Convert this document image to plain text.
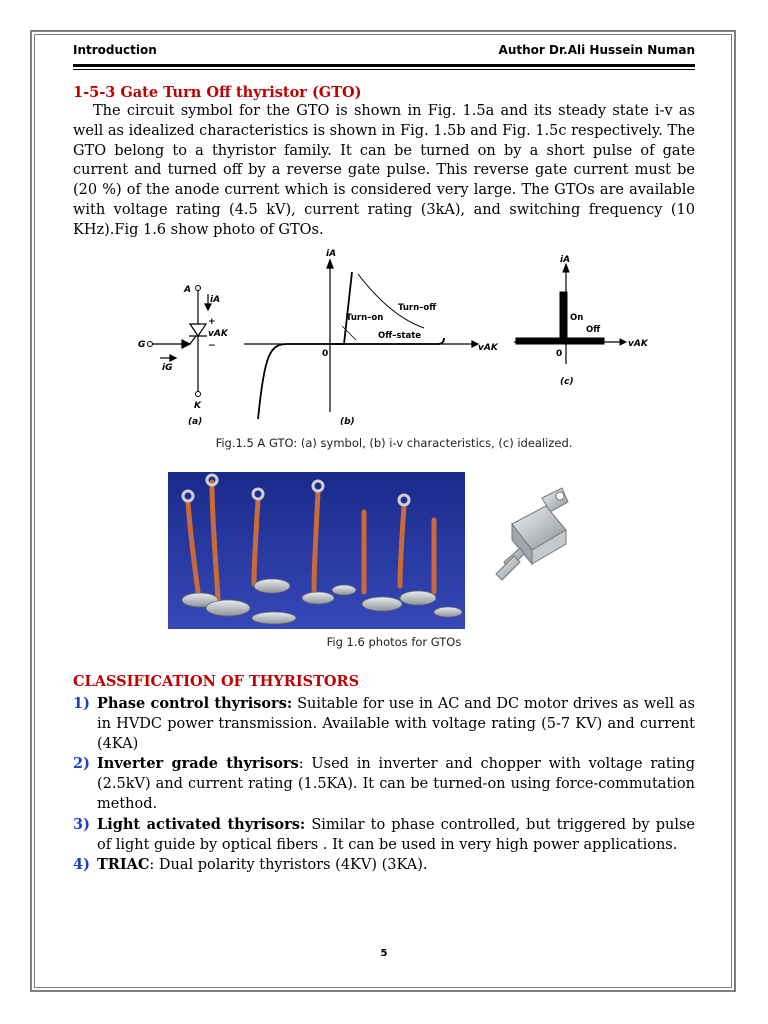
Introduction	Author Dr.Ali Hussein Numan
1-5-3 Gate Turn Off thyristor (GTO)
The circuit symbol for the GTO is shown in Fig. 1.5a and its steady state i-v as well as idealized characteristics is shown in Fig. 1.5b and Fig. 1.5c respectively. The GTO belong to a thyristor family. It can be turned on by a short pulse of gate current and turned off by a reverse gate pulse. This reverse gate current must be (20 %) of the anode current which is considered very large. The GTOs are available with voltage rating (4.5 kV), current rating (3kA), and switching frequency (10 KHz).Fig 1.6 show photo of GTOs.
A
K
G
iA
+
vAK
−
iG
(a)
iA
vAK
Turn–on
Turn–off
Off–state
0
(b)
iA
vAK
On
Off
0
(c)
Fig.1.5 A GTO: (a) symbol, (b) i-v characteristics, (c) idealized.
Fig 1.6 photos for GTOs
CLASSIFICATION OF THYRISTORS
1) Phase control thyrisors: Suitable for use in AC and DC motor drives as well as in HVDC power transmission. Available with voltage rating (5-7 KV) and current (4KA)
2) Inverter grade thyrisors: Used in inverter and chopper with voltage rating (2.5kV) and current rating (1.5KA). It can be turned-on using force-commutation method.
3) Light activated thyrisors: Similar to phase controlled, but triggered by pulse of light guide by optical fibers . It can be used in very high power applications.
4) TRIAC: Dual polarity thyristors (4KV) (3KA).
5
